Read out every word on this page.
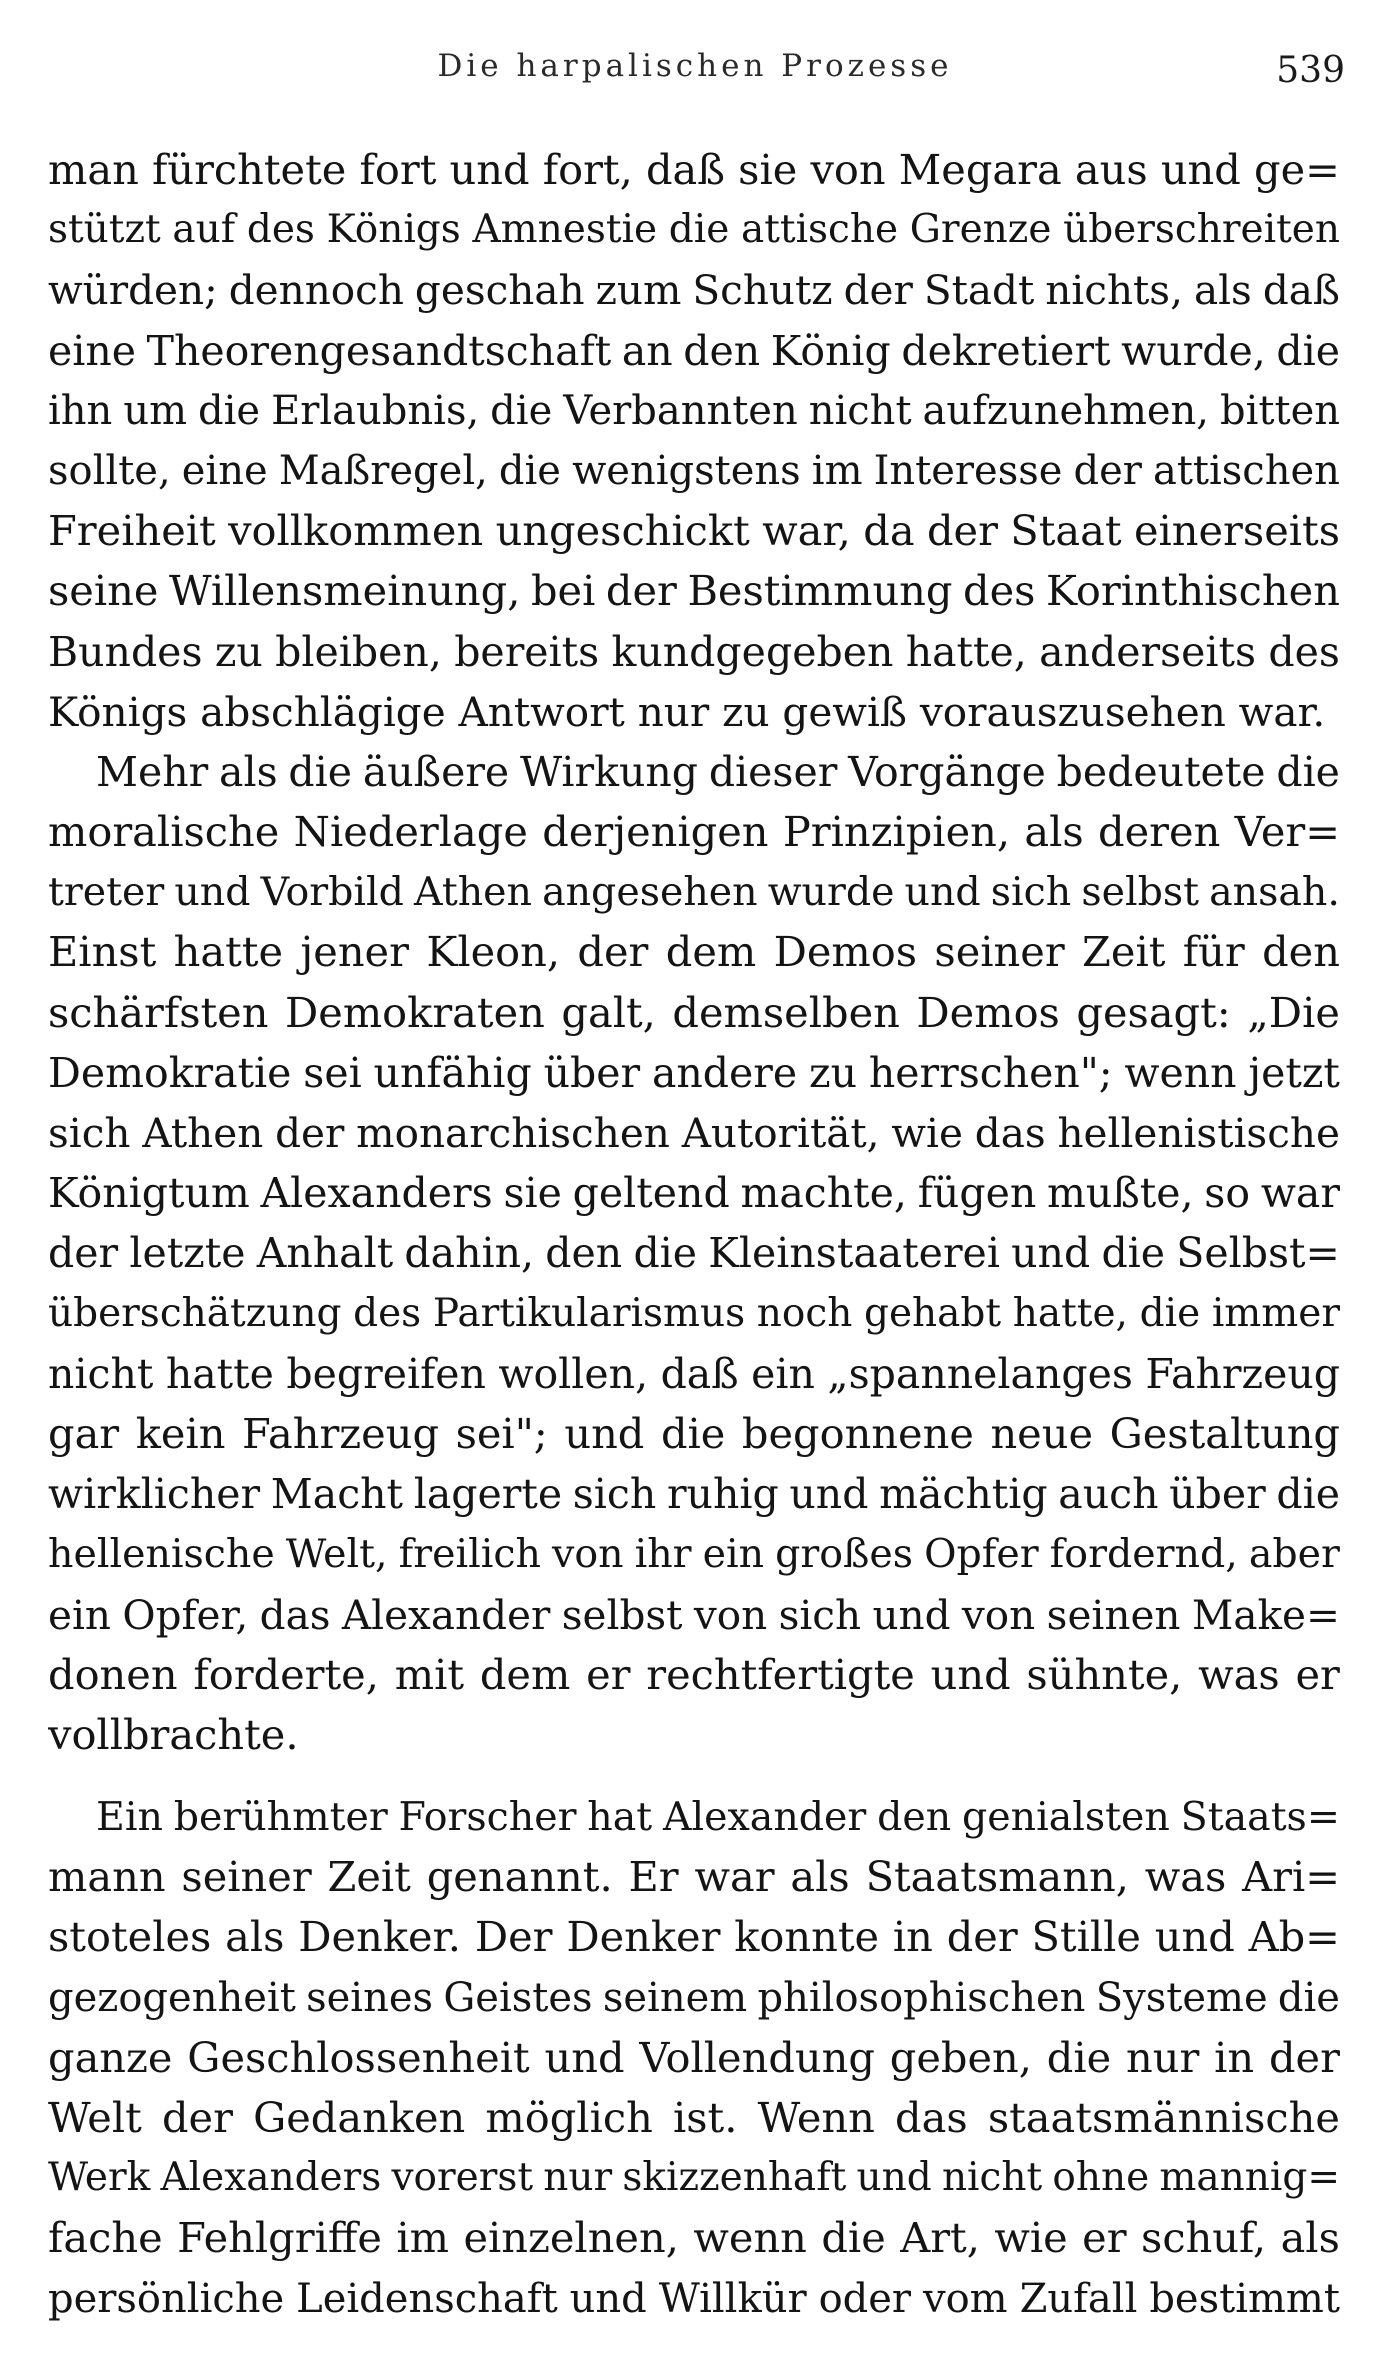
Die harpalischen Prozesse	539
man fürchtete fort und fort, daß sie von Megara aus und ge=
stützt auf des Königs Amnestie die attische Grenze überschreiten
würden; dennoch geschah zum Schutz der Stadt nichts, als daß
eine Theorengesandtschaft an den König dekretiert wurde, die
ihn um die Erlaubnis, die Verbannten nicht aufzunehmen, bitten
sollte, eine Maßregel, die wenigstens im Interesse der attischen
Freiheit vollkommen ungeschickt war, da der Staat einerseits
seine Willensmeinung, bei der Bestimmung des Korinthischen
Bundes zu bleiben, bereits kundgegeben hatte, anderseits des
Königs abschlägige Antwort nur zu gewiß vorauszusehen war.
Mehr als die äußere Wirkung dieser Vorgänge bedeutete die
moralische Niederlage derjenigen Prinzipien, als deren Ver=
treter und Vorbild Athen angesehen wurde und sich selbst ansah.
Einst hatte jener Kleon, der dem Demos seiner Zeit für den
schärfsten Demokraten galt, demselben Demos gesagt: „Die
Demokratie sei unfähig über andere zu herrschen"; wenn jetzt
sich Athen der monarchischen Autorität, wie das hellenistische
Königtum Alexanders sie geltend machte, fügen mußte, so war
der letzte Anhalt dahin, den die Kleinstaaterei und die Selbst=
überschätzung des Partikularismus noch gehabt hatte, die immer
nicht hatte begreifen wollen, daß ein „spannelanges Fahrzeug
gar kein Fahrzeug sei"; und die begonnene neue Gestaltung
wirklicher Macht lagerte sich ruhig und mächtig auch über die
hellenische Welt, freilich von ihr ein großes Opfer fordernd, aber
ein Opfer, das Alexander selbst von sich und von seinen Make=
donen forderte, mit dem er rechtfertigte und sühnte, was er
vollbrachte.
Ein berühmter Forscher hat Alexander den genialsten Staats=
mann seiner Zeit genannt. Er war als Staatsmann, was Ari=
stoteles als Denker. Der Denker konnte in der Stille und Ab=
gezogenheit seines Geistes seinem philosophischen Systeme die
ganze Geschlossenheit und Vollendung geben, die nur in der
Welt der Gedanken möglich ist. Wenn das staatsmännische
Werk Alexanders vorerst nur skizzenhaft und nicht ohne mannig=
fache Fehlgriffe im einzelnen, wenn die Art, wie er schuf, als
persönliche Leidenschaft und Willkür oder vom Zufall bestimmt
